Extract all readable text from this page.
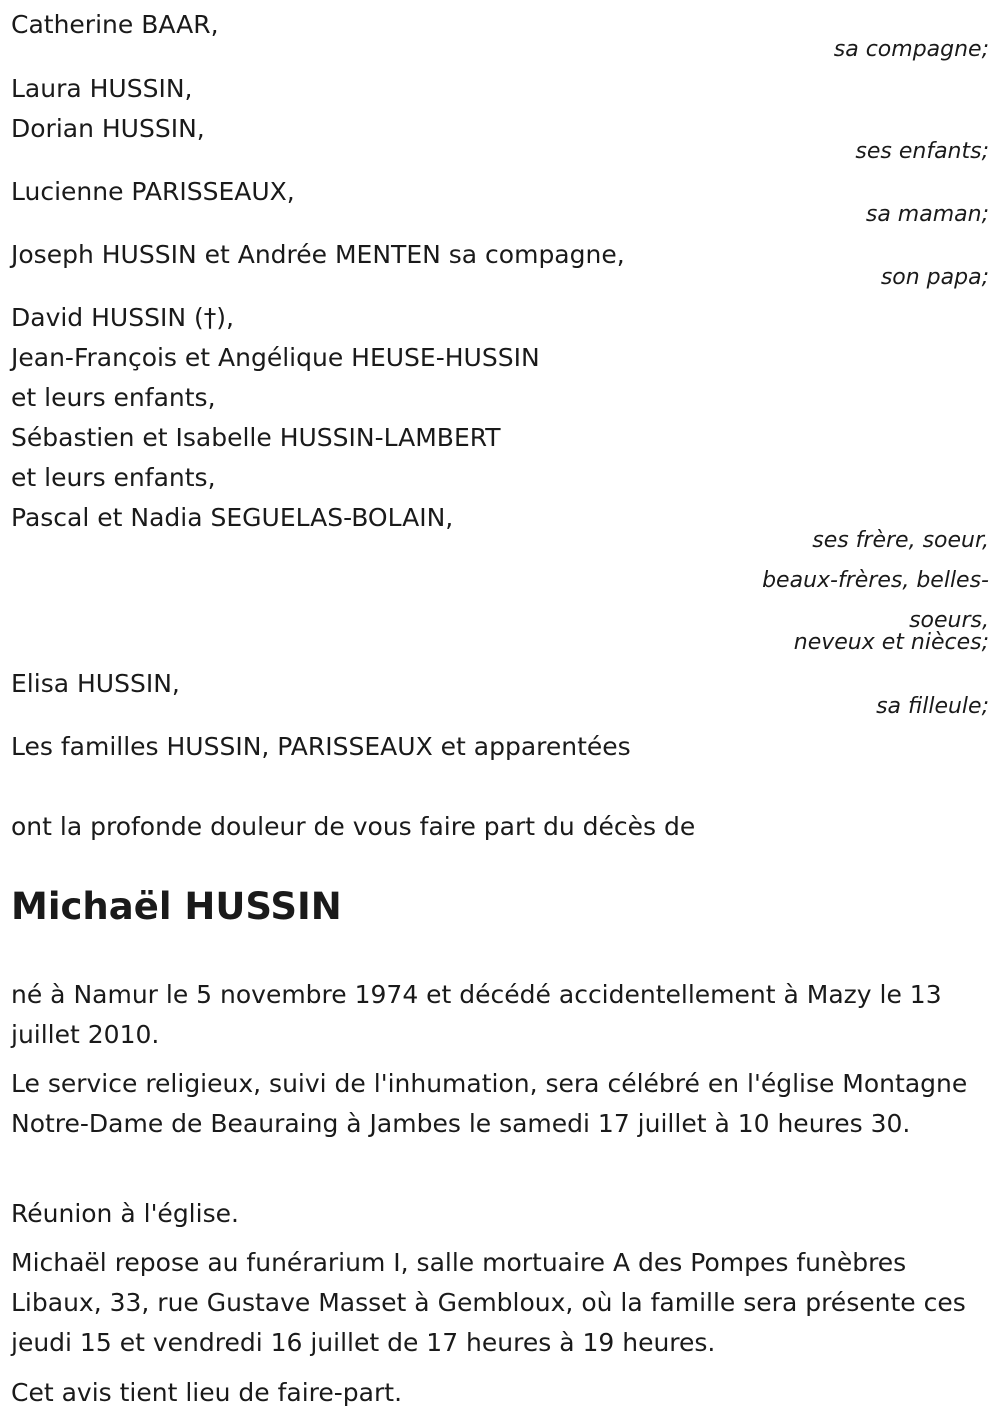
Catherine BAAR,
sa compagne;
Laura HUSSIN,
Dorian HUSSIN,
ses enfants;
Lucienne PARISSEAUX,
sa maman;
Joseph HUSSIN et Andrée MENTEN sa compagne,
son papa;
David HUSSIN (†),
Jean-François et Angélique HEUSE-HUSSIN
et leurs enfants,
Sébastien et Isabelle HUSSIN-LAMBERT
et leurs enfants,
Pascal et Nadia SEGUELAS-BOLAIN,
ses frère, soeur,
beaux-frères, belles-
soeurs,
neveux et nièces;
Elisa HUSSIN,
sa filleule;
Les familles HUSSIN, PARISSEAUX et apparentées
ont la profonde douleur de vous faire part du décès de
Michaël HUSSIN

né à Namur le 5 novembre 1974 et décédé accidentellement à Mazy le 13 juillet 2010.

Le service religieux, suivi de l'inhumation, sera célébré en l'église Montagne Notre-Dame de Beauraing à Jambes le samedi 17 juillet à 10 heures 30.

Réunion à l'église.

Michaël repose au funérarium I, salle mortuaire A des Pompes funèbres Libaux, 33, rue Gustave Masset à Gembloux, où la famille sera présente ces jeudi 15 et vendredi 16 juillet de 17 heures à 19 heures.

Cet avis tient lieu de faire-part.
